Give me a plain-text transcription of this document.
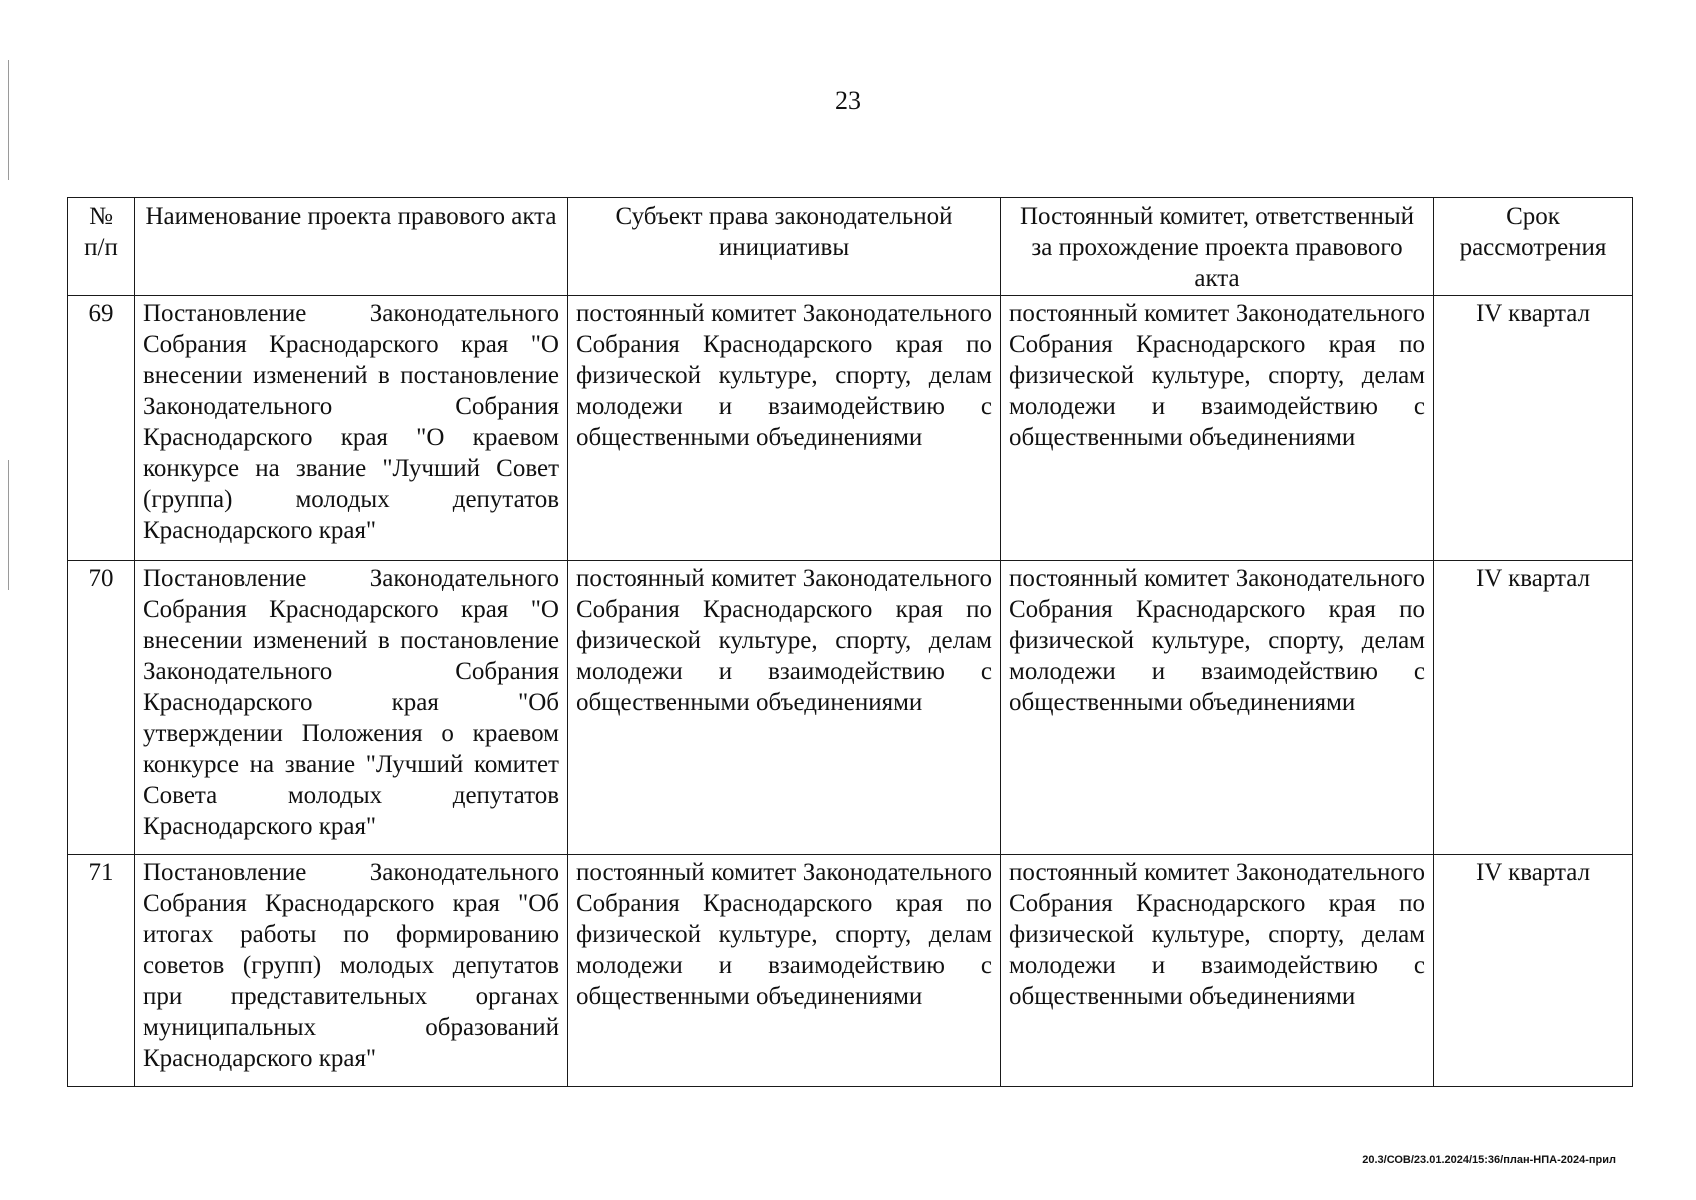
23
№ п/п	Наименование проекта правового акта	Субъект права законодательной инициативы	Постоянный комитет, ответственный за прохождение проекта правового акта	Срок рассмотрения
69	Постановление Законодательного Собрания Краснодарского края "О внесении изменений в постановление Законодательного Собрания Краснодарского края "О краевом конкурсе на звание "Лучший Совет (группа) молодых депутатов Краснодарского края"	постоянный комитет Законодательного Собрания Краснодарского края по физической культуре, спорту, делам молодежи и взаимодействию с общественными объединениями	постоянный комитет Законодательного Собрания Краснодарского края по физической культуре, спорту, делам молодежи и взаимодействию с общественными объединениями	IV квартал
70	Постановление Законодательного Собрания Краснодарского края "О внесении изменений в постановление Законодательного Собрания Краснодарского края "Об утверждении Положения о краевом конкурсе на звание "Лучший комитет Совета молодых депутатов Краснодарского края"	постоянный комитет Законодательного Собрания Краснодарского края по физической культуре, спорту, делам молодежи и взаимодействию с общественными объединениями	постоянный комитет Законодательного Собрания Краснодарского края по физической культуре, спорту, делам молодежи и взаимодействию с общественными объединениями	IV квартал
71	Постановление Законодательного Собрания Краснодарского края "Об итогах работы по формированию советов (групп) молодых депутатов при представительных органах муниципальных образований Краснодарского края"	постоянный комитет Законодательного Собрания Краснодарского края по физической культуре, спорту, делам молодежи и взаимодействию с общественными объединениями	постоянный комитет Законодательного Собрания Краснодарского края по физической культуре, спорту, делам молодежи и взаимодействию с общественными объединениями	IV квартал
20.3/СОВ/23.01.2024/15:36/план-НПА-2024-прил
